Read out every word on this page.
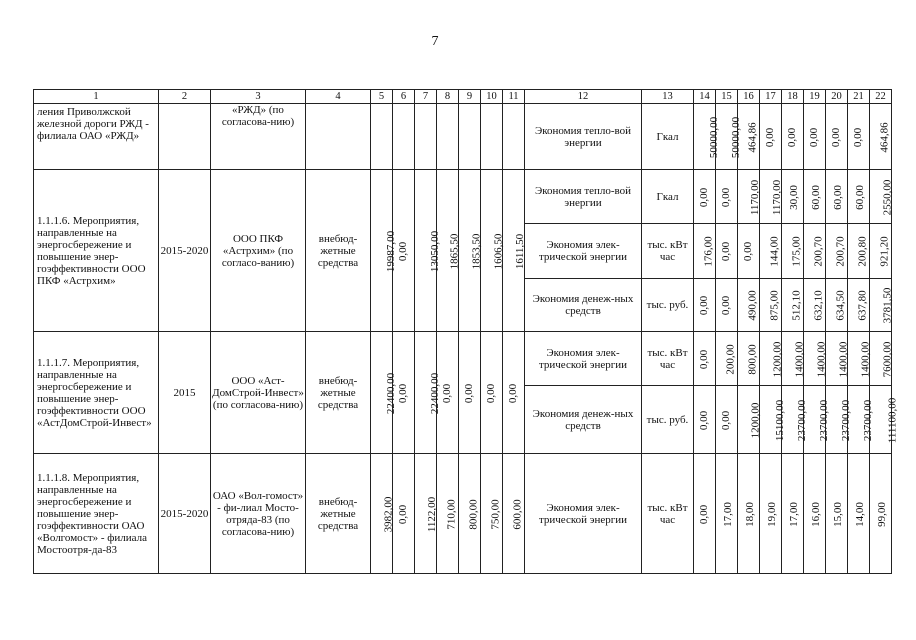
7
1	2	3	4	5	6	7	8	9	10	11	12	13	14	15	16	17	18	19	20	21	22
ления Приволжской железной дороги РЖД - филиала ОАО «РЖД»		«РЖД» (по согласова-нию)									Экономия тепло-вой энергии	Гкал	50000,00	50000,00	464,86	0,00	0,00	0,00	0,00	0,00	464,86
1.1.1.6. Мероприятия, направленные на энергосбережение и повышение энер-гоэффективности ООО ПКФ «Астрхим»	2015-2020	ООО ПКФ «Астрхим» (по согласо-ванию)	внебюд-жетные средства	19987,00	0,00	13050,00	1865,50	1853,50	1606,50	1611,50	Экономия тепло-вой энергии	Гкал	0,00	0,00	1170,00	1170,00	30,00	60,00	60,00	60,00	2550,00
											Экономия элек-трической энергии	тыс. кВт час	176,00	0,00	0,00	144,00	175,00	200,70	200,70	200,80	921,20
											Экономия денеж-ных средств	тыс. руб.	0,00	0,00	490,00	875,00	512,10	632,10	634,50	637,80	3781,50
1.1.1.7. Мероприятия, направленные на энергосбережение и повышение энер-гоэффективности ООО «АстДомСтрой-Инвест»	2015	ООО «Аст-ДомСтрой-Инвест» (по согласова-нию)	внебюд-жетные средства	22400,00	0,00	22400,00	0,00	0,00	0,00	0,00	Экономия элек-трической энергии	тыс. кВт час	0,00	200,00	800,00	1200,00	1400,00	1400,00	1400,00	1400,00	7600,00
											Экономия денеж-ных средств	тыс. руб.	0,00	0,00	1200,00	15100,00	23700,00	23700,00	23700,00	23700,00	111100,00
1.1.1.8. Мероприятия, направленные на энергосбережение и повышение энер-гоэффективности ОАО «Волгомост» - филиала Мостоотря-да-83	2015-2020	ОАО «Вол-гомост» - фи-лиал Мосто-отряда-83 (по согласова-нию)	внебюд-жетные средства	3982,00	0,00	1122,00	710,00	800,00	750,00	600,00	Экономия элек-трической энергии	тыс. кВт час	0,00	17,00	18,00	19,00	17,00	16,00	15,00	14,00	99,00
